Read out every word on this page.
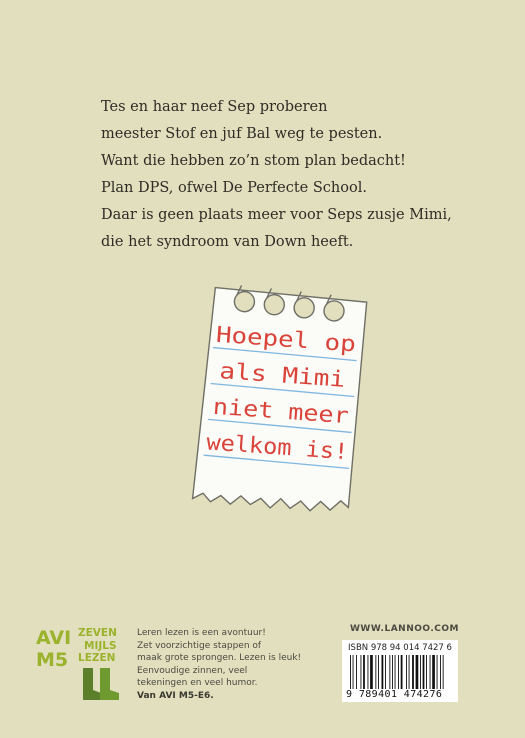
Tes en haar neef Sep proberen
meester Stof en juf Bal weg te pesten.
Want die hebben zo’n stom plan bedacht!
Plan DPS, ofwel De Perfecte School.
Daar is geen plaats meer voor Seps zusje Mimi,
die het syndroom van Down heeft.
Hoepel op
als Mimi
niet meer
welkom is!
AVI
M5
ZEVEN
MIJLS
LEZEN
Leren lezen is een avontuur!
Zet voorzichtige stappen of
maak grote sprongen. Lezen is leuk!
Eenvoudige zinnen, veel
tekeningen en veel humor.
Van AVI M5-E6.
WWW.LANNOO.COM
ISBN 978 94 014 7427 6
9 789401 474276
